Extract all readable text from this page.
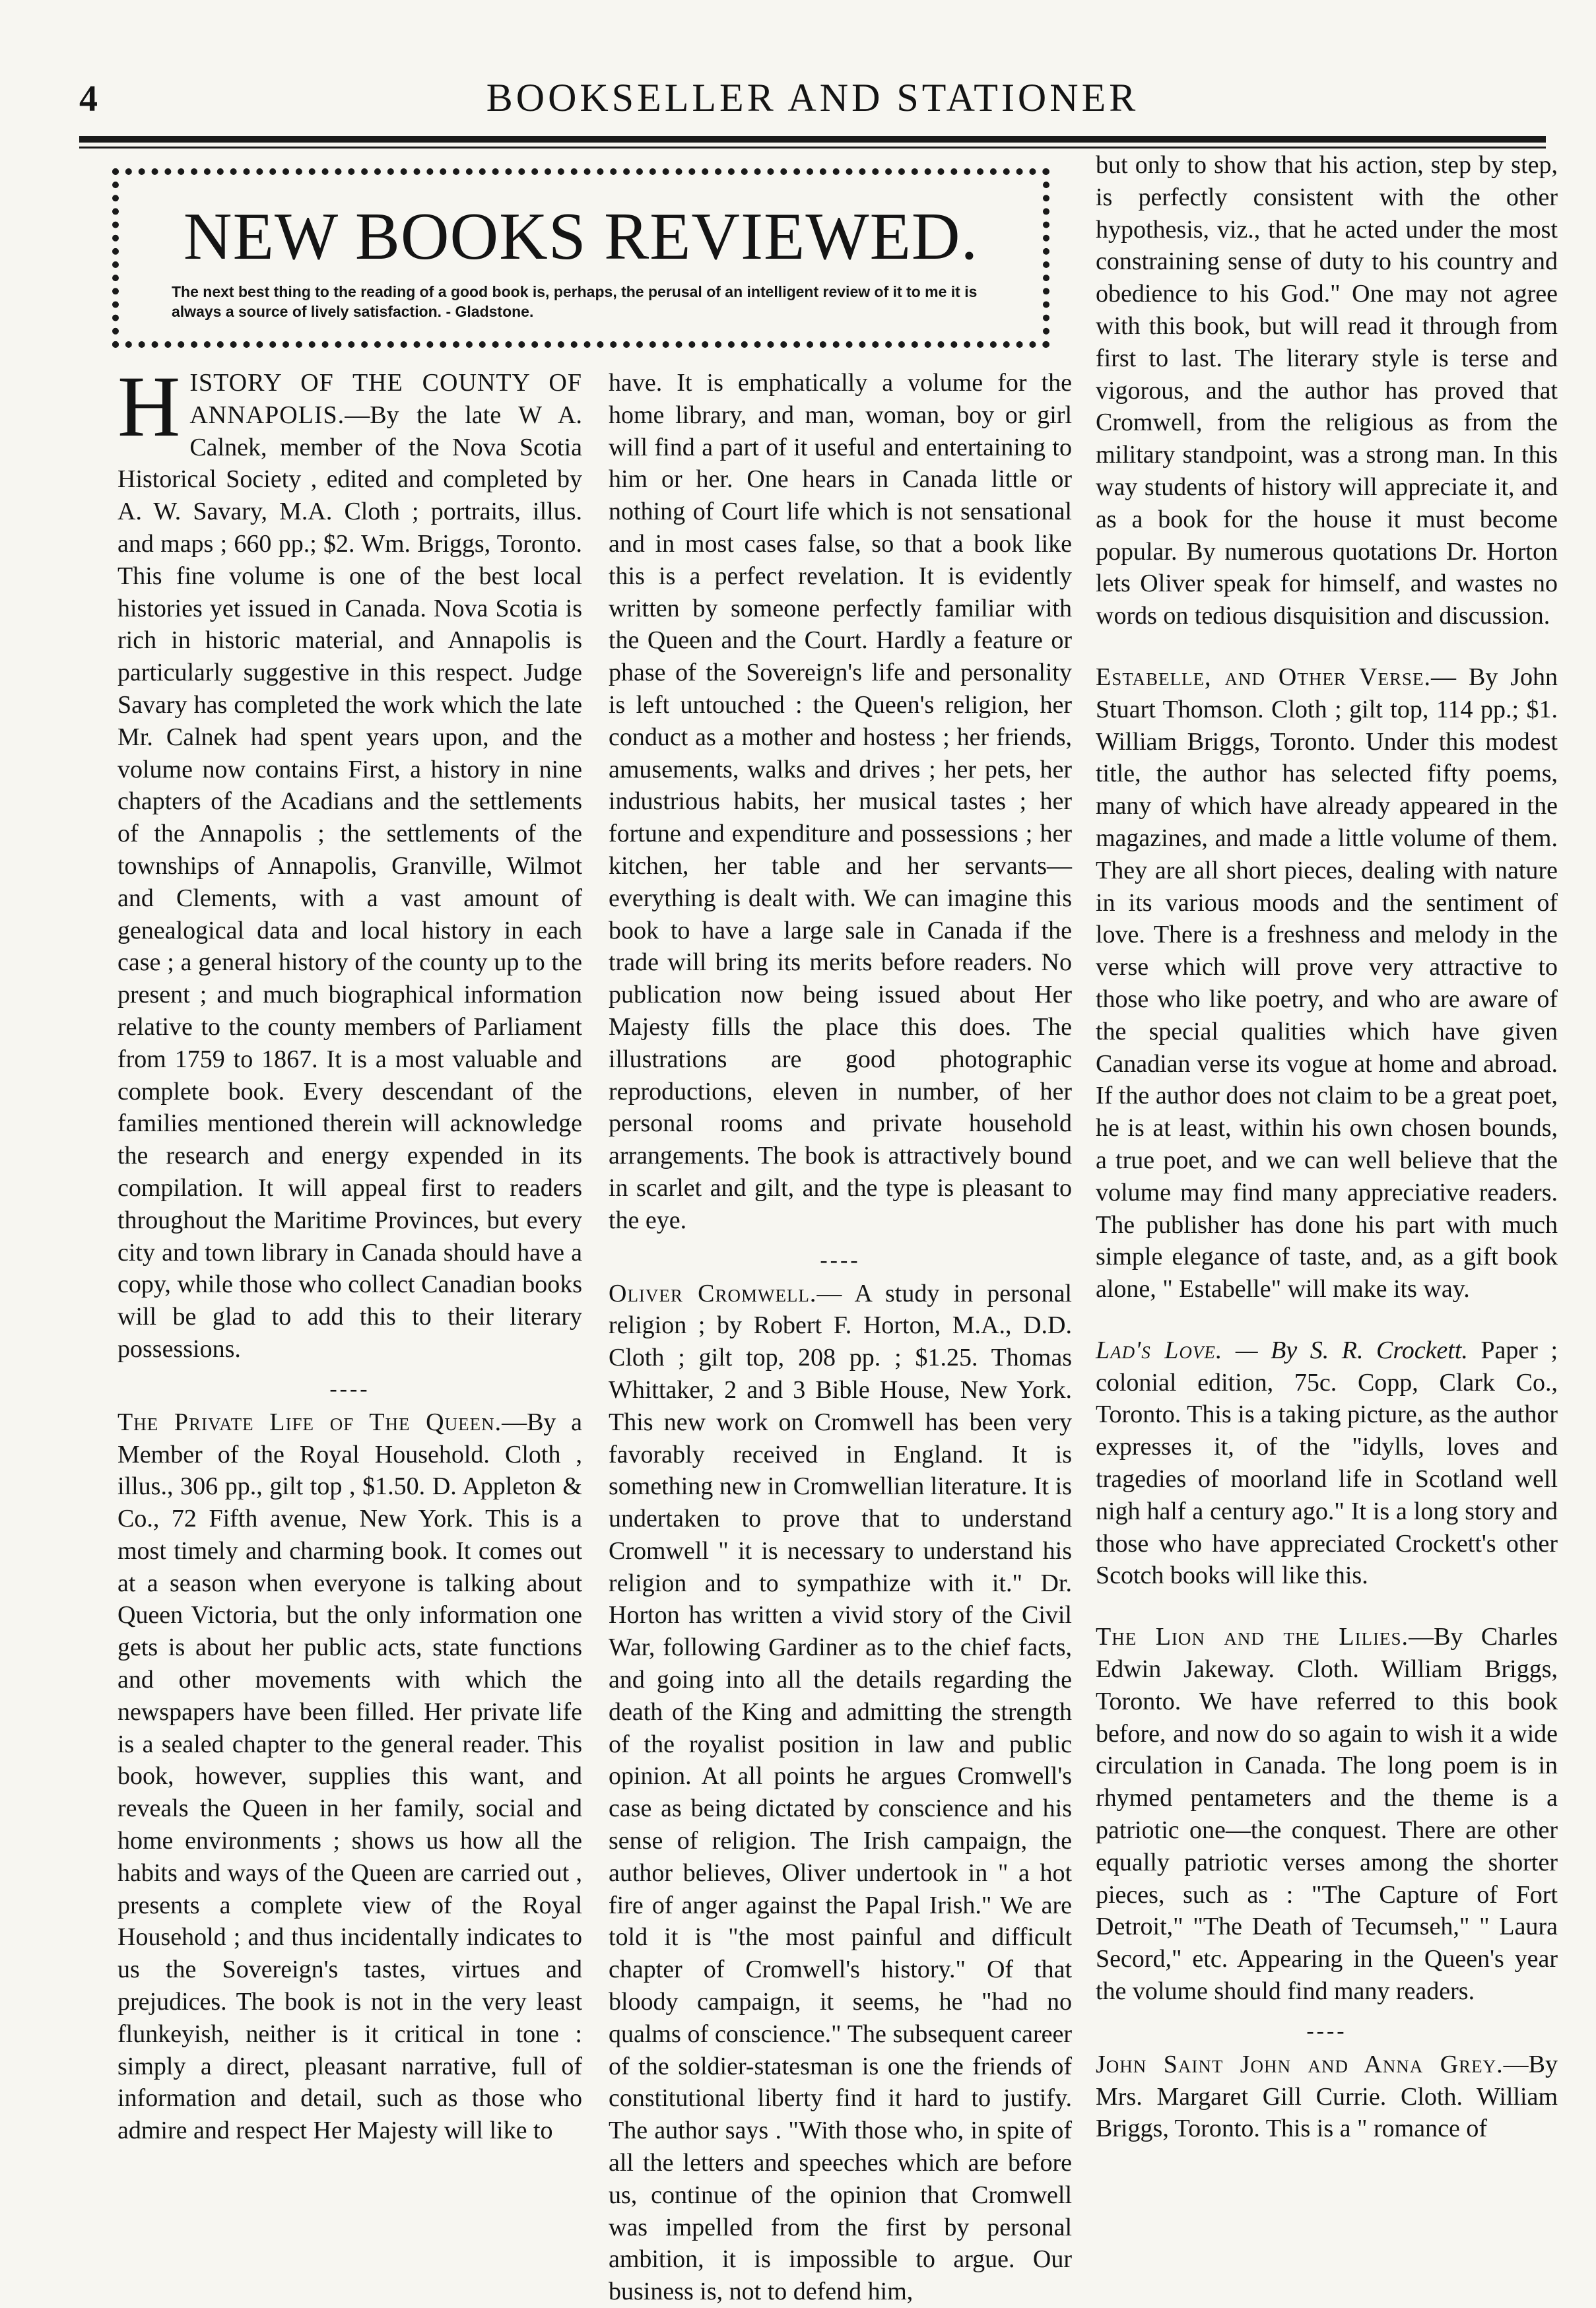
4	BOOKSELLER AND STATIONER
NEW BOOKS REVIEWED.
The next best thing to the reading of a good book is, perhaps, the perusal of an intelligent review of it to me it is always a source of lively satisfaction. - Gladstone.

HISTORY OF THE COUNTY OF ANNAPOLIS.—By the late W A. Calnek, member of the Nova Scotia Historical Society , edited and completed by A. W. Savary, M.A. Cloth ; portraits, illus. and maps ; 660 pp.; $2. Wm. Briggs, Toronto. This fine volume is one of the best local histories yet issued in Canada. Nova Scotia is rich in historic material, and Annapolis is particularly suggestive in this respect. Judge Savary has completed the work which the late Mr. Calnek had spent years upon, and the volume now contains First, a history in nine chapters of the Acadians and the settlements of the Annapolis ; the settlements of the townships of Annapolis, Granville, Wilmot and Clements, with a vast amount of genealogical data and local history in each case ; a general history of the county up to the present ; and much biographical information relative to the county members of Parliament from 1759 to 1867. It is a most valuable and complete book. Every descendant of the families mentioned therein will acknowledge the research and energy expended in its compilation. It will appeal first to readers throughout the Maritime Provinces, but every city and town library in Canada should have a copy, while those who collect Canadian books will be glad to add this to their literary possessions.

----

The Private Life of The Queen.—By a Member of the Royal Household. Cloth , illus., 306 pp., gilt top , $1.50. D. Appleton & Co., 72 Fifth avenue, New York. This is a most timely and charming book. It comes out at a season when everyone is talking about Queen Victoria, but the only information one gets is about her public acts, state functions and other movements with which the newspapers have been filled. Her private life is a sealed chapter to the general reader. This book, however, supplies this want, and reveals the Queen in her family, social and home environments ; shows us how all the habits and ways of the Queen are carried out , presents a complete view of the Royal Household ; and thus incidentally indicates to us the Sovereign's tastes, virtues and prejudices. The book is not in the very least flunkeyish, neither is it critical in tone : simply a direct, pleasant narrative, full of information and detail, such as those who admire and respect Her Majesty will like to

have. It is emphatically a volume for the home library, and man, woman, boy or girl will find a part of it useful and entertaining to him or her. One hears in Canada little or nothing of Court life which is not sensational and in most cases false, so that a book like this is a perfect revelation. It is evidently written by someone perfectly familiar with the Queen and the Court. Hardly a feature or phase of the Sovereign's life and personality is left untouched : the Queen's religion, her conduct as a mother and hostess ; her friends, amusements, walks and drives ; her pets, her industrious habits, her musical tastes ; her fortune and expenditure and possessions ; her kitchen, her table and her servants—everything is dealt with. We can imagine this book to have a large sale in Canada if the trade will bring its merits before readers. No publication now being issued about Her Majesty fills the place this does. The illustrations are good photographic reproductions, eleven in number, of her personal rooms and private household arrangements. The book is attractively bound in scarlet and gilt, and the type is pleasant to the eye.

----

Oliver Cromwell.— A study in personal religion ; by Robert F. Horton, M.A., D.D. Cloth ; gilt top, 208 pp. ; $1.25. Thomas Whittaker, 2 and 3 Bible House, New York. This new work on Cromwell has been very favorably received in England. It is something new in Cromwellian literature. It is undertaken to prove that to understand Cromwell " it is necessary to understand his religion and to sympathize with it." Dr. Horton has written a vivid story of the Civil War, following Gardiner as to the chief facts, and going into all the details regarding the death of the King and admitting the strength of the royalist position in law and public opinion. At all points he argues Cromwell's case as being dictated by conscience and his sense of religion. The Irish campaign, the author believes, Oliver undertook in " a hot fire of anger against the Papal Irish." We are told it is "the most painful and difficult chapter of Cromwell's history." Of that bloody campaign, it seems, he "had no qualms of conscience." The subsequent career of the soldier-statesman is one the friends of constitutional liberty find it hard to justify. The author says . "With those who, in spite of all the letters and speeches which are before us, continue of the opinion that Cromwell was impelled from the first by personal ambition, it is impossible to argue. Our business is, not to defend him,

but only to show that his action, step by step, is perfectly consistent with the other hypothesis, viz., that he acted under the most constraining sense of duty to his country and obedience to his God." One may not agree with this book, but will read it through from first to last. The literary style is terse and vigorous, and the author has proved that Cromwell, from the religious as from the military standpoint, was a strong man. In this way students of history will appreciate it, and as a book for the house it must become popular. By numerous quotations Dr. Horton lets Oliver speak for himself, and wastes no words on tedious disquisition and discussion.

Estabelle, and Other Verse.— By John Stuart Thomson. Cloth ; gilt top, 114 pp.; $1. William Briggs, Toronto. Under this modest title, the author has selected fifty poems, many of which have already appeared in the magazines, and made a little volume of them. They are all short pieces, dealing with nature in its various moods and the sentiment of love. There is a freshness and melody in the verse which will prove very attractive to those who like poetry, and who are aware of the special qualities which have given Canadian verse its vogue at home and abroad. If the author does not claim to be a great poet, he is at least, within his own chosen bounds, a true poet, and we can well believe that the volume may find many appreciative readers. The publisher has done his part with much simple elegance of taste, and, as a gift book alone, " Estabelle" will make its way.

Lad's Love. — By S. R. Crockett. Paper ; colonial edition, 75c. Copp, Clark Co., Toronto. This is a taking picture, as the author expresses it, of the "idylls, loves and tragedies of moorland life in Scotland well nigh half a century ago." It is a long story and those who have appreciated Crockett's other Scotch books will like this.

The Lion and the Lilies.—By Charles Edwin Jakeway. Cloth. William Briggs, Toronto. We have referred to this book before, and now do so again to wish it a wide circulation in Canada. The long poem is in rhymed pentameters and the theme is a patriotic one—the conquest. There are other equally patriotic verses among the shorter pieces, such as : "The Capture of Fort Detroit," "The Death of Tecumseh," " Laura Secord," etc. Appearing in the Queen's year the volume should find many readers.

----

John Saint John and Anna Grey.—By Mrs. Margaret Gill Currie. Cloth. William Briggs, Toronto. This is a " romance of
